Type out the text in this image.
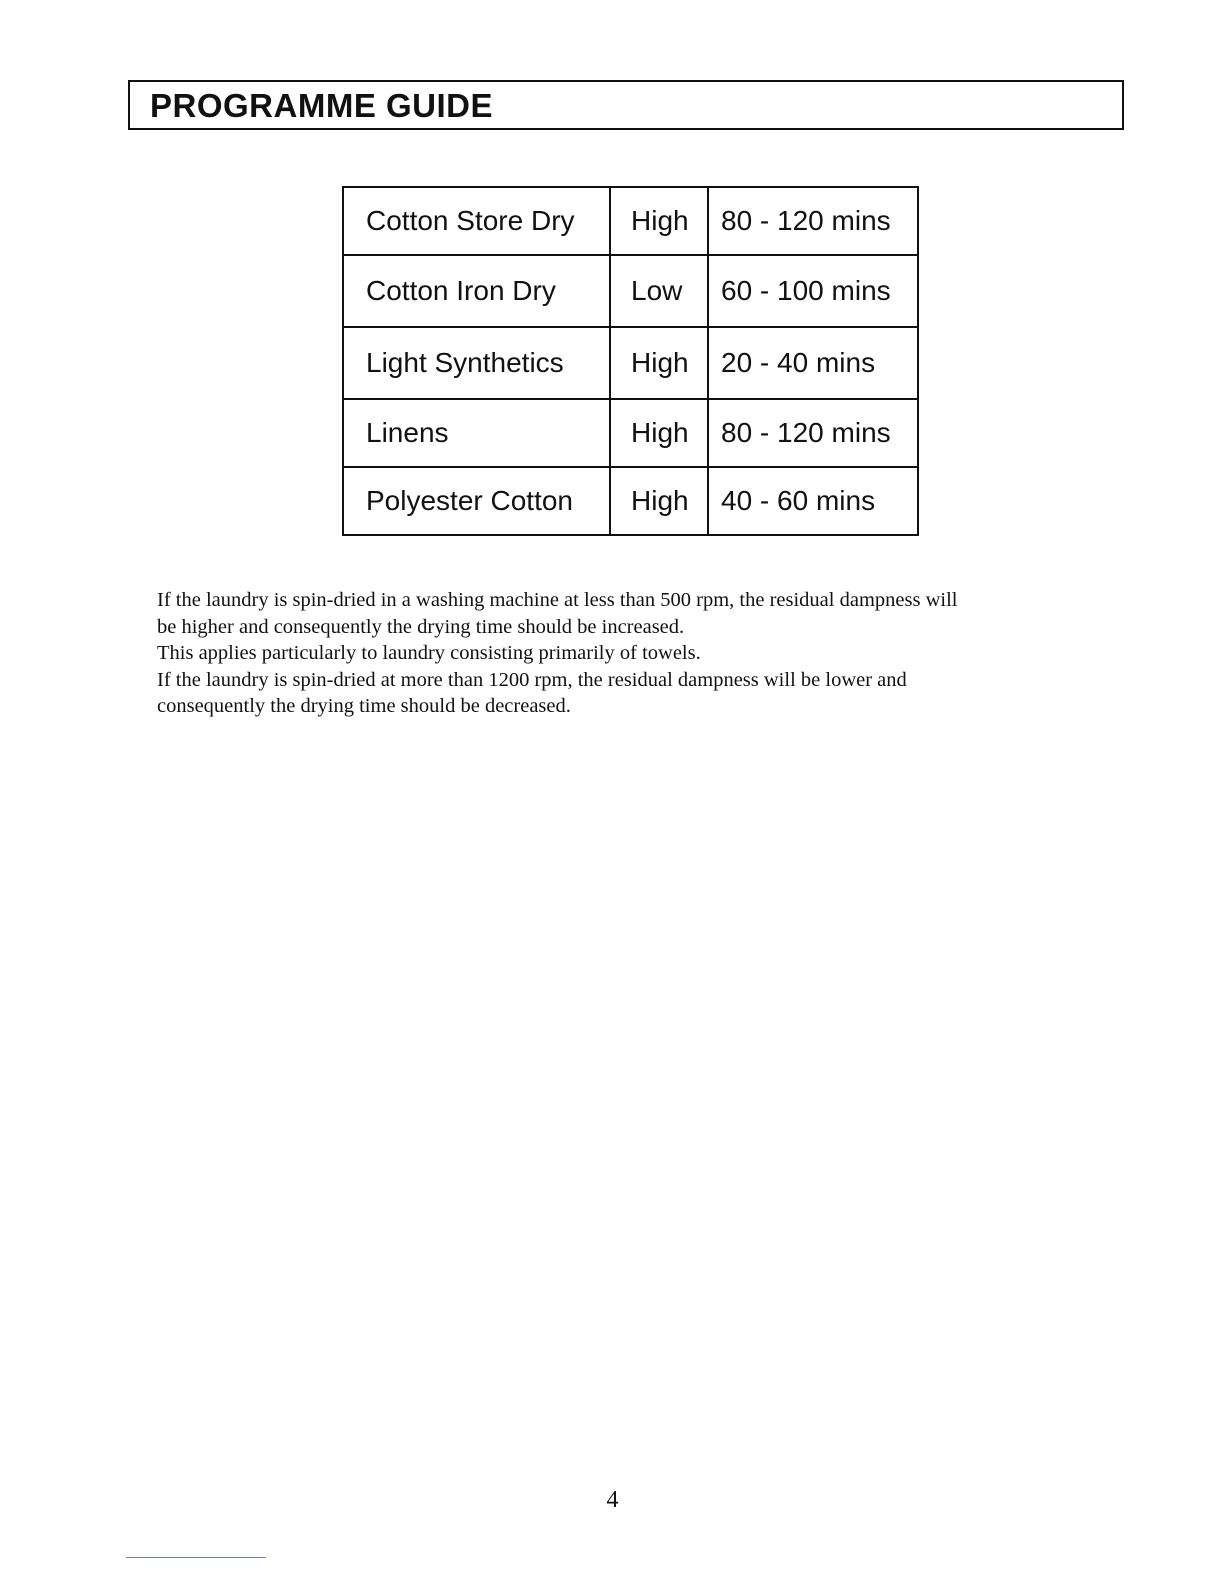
PROGRAMME GUIDE
Cotton Store Dry	High	80 - 120 mins
Cotton Iron Dry	Low	60 - 100 mins
Light Synthetics	High	20 - 40 mins
Linens	High	80 - 120 mins
Polyester Cotton	High	40 - 60 mins

If the laundry is spin-dried in a washing machine at less than 500 rpm, the residual dampness will

be higher and consequently the drying time should be increased.

This applies particularly to laundry consisting primarily of towels.

If the laundry is spin-dried at more than 1200 rpm, the residual dampness will be lower and

consequently the drying time should be decreased.

4
